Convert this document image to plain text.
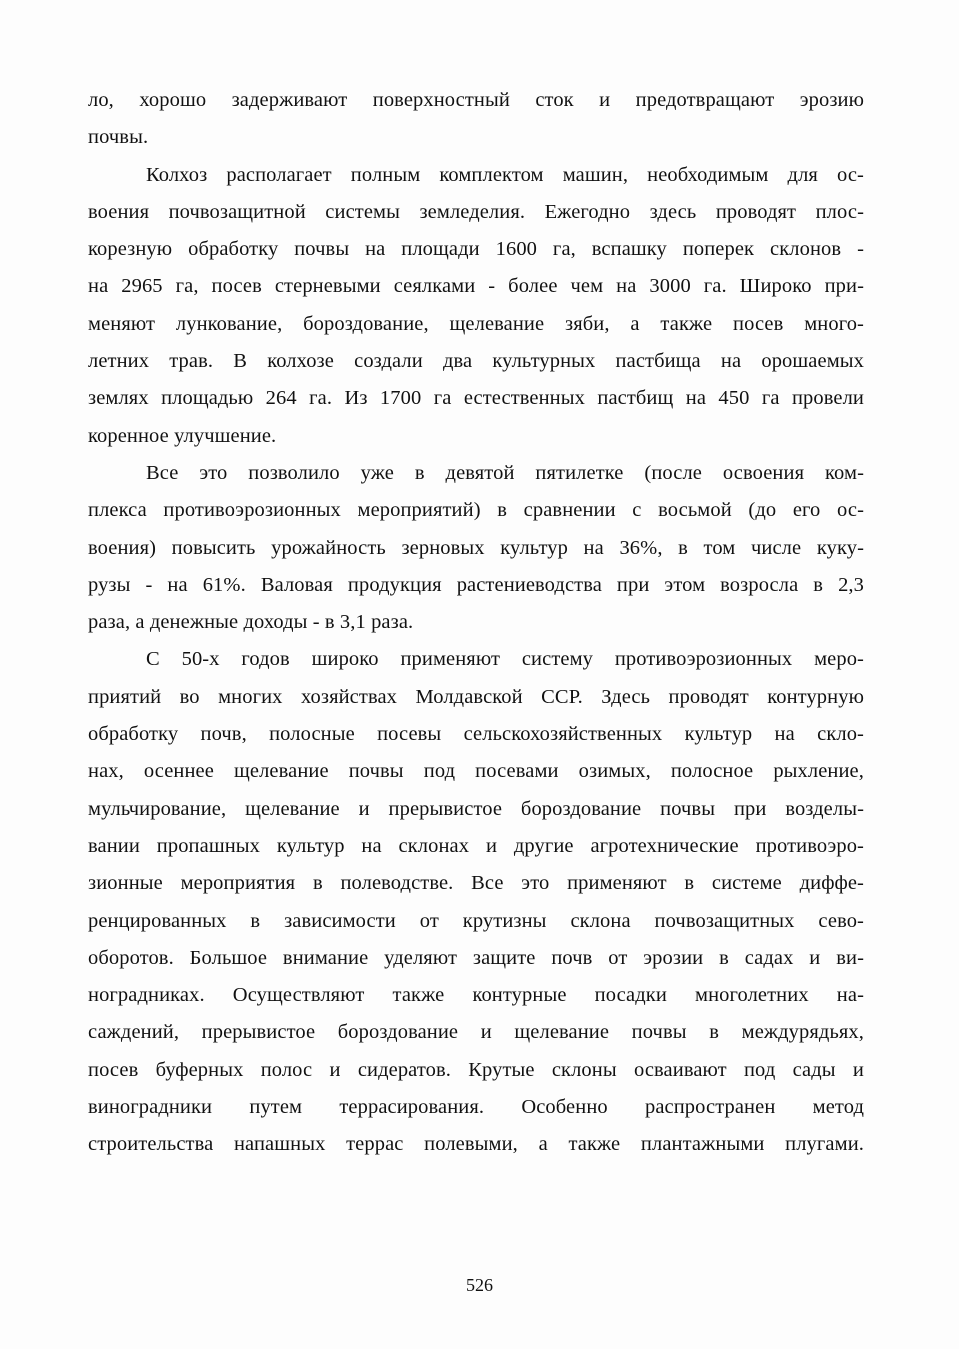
ло, хорошо задерживают поверхностный сток и предотвращают эрозию
почвы.
Колхоз располагает полным комплектом машин, необходимым для ос-
воения почвозащитной системы земледелия. Ежегодно здесь проводят плос-
корезную обработку почвы на площади 1600 га, вспашку поперек склонов -
на 2965 га, посев стерневыми сеялками - более чем на 3000 га. Широко при-
меняют лункование, бороздование, щелевание зяби, а также посев много-
летних трав. В колхозе создали два культурных пастбища на орошаемых
землях площадью 264 га. Из 1700 га естественных пастбищ на 450 га провели
коренное улучшение.
Все это позволило уже в девятой пятилетке (после освоения ком-
плекса противоэрозионных мероприятий) в сравнении с восьмой (до его ос-
воения) повысить урожайность зерновых культур на 36%, в том числе куку-
рузы - на 61%. Валовая продукция растениеводства при этом возросла в 2,3
раза, а денежные доходы - в 3,1 раза.
С 50-х годов широко применяют систему противоэрозионных меро-
приятий во многих хозяйствах Молдавской ССР. Здесь проводят контурную
обработку почв, полосные посевы сельскохозяйственных культур на скло-
нах, осеннее щелевание почвы под посевами озимых, полосное рыхление,
мульчирование, щелевание и прерывистое бороздование почвы при возделы-
вании пропашных культур на склонах и другие агротехнические противоэро-
зионные мероприятия в полеводстве. Все это применяют в системе диффе-
ренцированных в зависимости от крутизны склона почвозащитных сево-
оборотов. Большое внимание уделяют защите почв от эрозии в садах и ви-
ноградниках. Осуществляют также контурные посадки многолетних на-
саждений, прерывистое бороздование и щелевание почвы в междурядьях,
посев буферных полос и сидератов. Крутые склоны осваивают под сады и
виноградники путем террасирования. Особенно распространен метод
строительства напашных террас полевыми, а также плантажными плугами.
526
